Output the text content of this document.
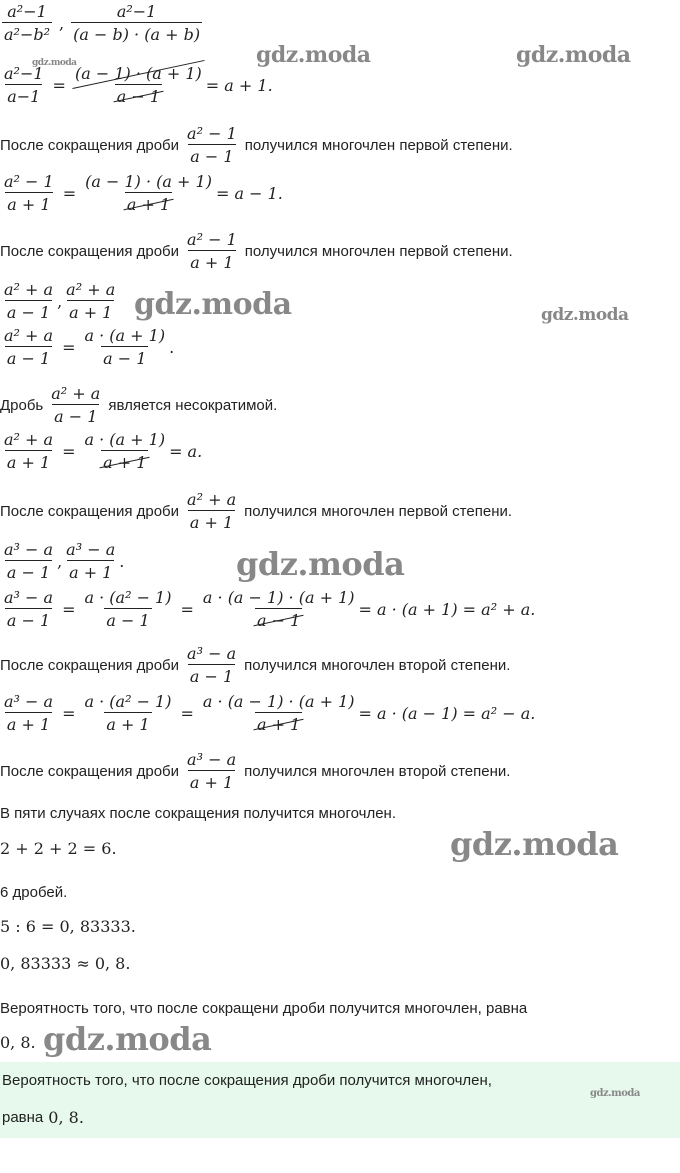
$\frac{\text{a²−1}}{\text{a²−b²}}$ , $\frac{\text{a²−1}}{(a - b) \cdot (a + b)}$
$\frac{\text{a²−1}}{a-1} = \frac{(a - 1) \cdot (a + 1)}{a - 1} = a + 1$.
После сокращения дроби $\frac{\text{a² − 1}}{a - 1}$ получился многочлен первой степени.
$\frac{\text{a² − 1}}{a + 1} = \frac{(a - 1) \cdot (a + 1)}{a + 1} = a - 1$.
После сокращения дроби $\frac{\text{a² − 1}}{a + 1}$ получился многочлен первой степени.
$\frac{\text{a² + a}}{a - 1}$ , $\frac{\text{a² + a}}{a + 1}$
$\frac{\text{a² + a}}{a - 1} = \frac{a \cdot (a + 1)}{a - 1}$ .
Дробь $\frac{\text{a² + a}}{a - 1}$ является несократимой.
$\frac{\text{a² + a}}{a + 1} = \frac{a \cdot (a + 1)}{a + 1} = a$.
После сокращения дроби $\frac{\text{a² + a}}{a + 1}$ получился многочлен первой степени.
$\frac{\text{a³ − a}}{a - 1}$ , $\frac{\text{a³ − a}}{a + 1}$ .
$\frac{\text{a³ − a}}{a - 1} = \frac{\text{a · (a² − 1)}}{a - 1} = \frac{a \cdot (a - 1) \cdot (a + 1)}{a - 1} = a \cdot (a + 1) = a^2 + a$.
После сокращения дроби $\frac{\text{a³ − a}}{a - 1}$ получился многочлен второй степени.
$\frac{\text{a³ − a}}{a + 1} = \frac{\text{a · (a² − 1)}}{a + 1} = \frac{a \cdot (a - 1) \cdot (a + 1)}{a + 1} = a \cdot (a - 1) = a^2 - a$.
После сокращения дроби $\frac{\text{a³ − a}}{a + 1}$ получился многочлен второй степени.
В пяти случаях после сокращения получится многочлен.
2 + 2 + 2 = 6.
6 дробей.
5 : 6 = 0, 83333.
0, 83333 ≈ 0, 8.
Вероятность того, что после сокращени дроби получится многочлен, равна
0, 8.
Вероятность того, что после сокращения дроби получится многочлен,
равна 0, 8.
gdz.moda	gdz.moda
gdz.moda
gdz.moda	gdz.moda
gdz.moda
gdz.moda
gdz.moda
gdz.moda
